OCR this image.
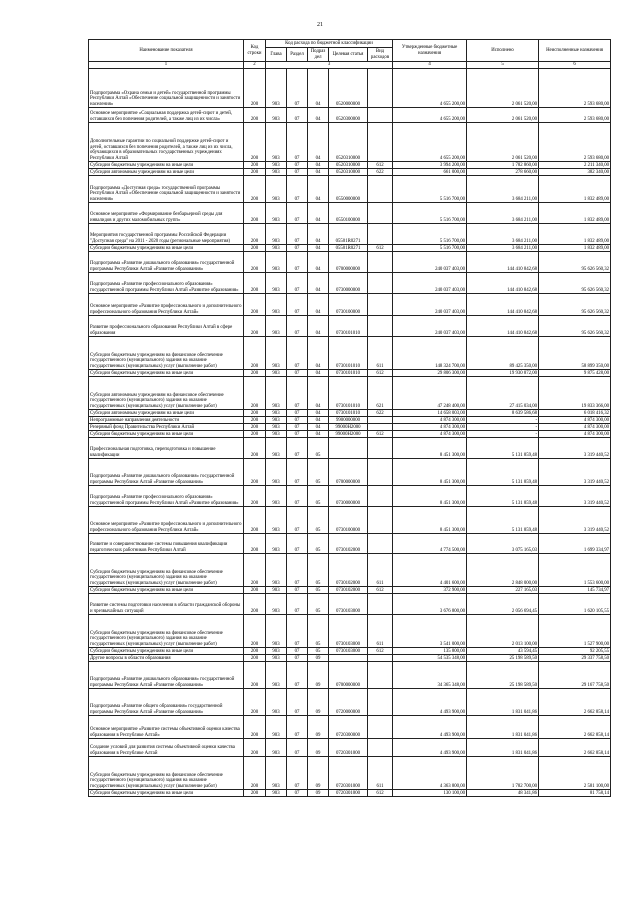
21
Наименование показателя	Код строки	Код расхода по бюджетной классификации					Утвержденные бюджетные назначения	Исполнено	Неисполненные назначения
		Глава	Раздел	Подраз дел	Целевая статья	Вид расходов			
1	2	3					4	5	6
Подпрограмма «Охрана семьи и детей» государственной программы Республики Алтай «Обеспечение социальной защищенности и занятости населения»	200	903	07	04	0520000000		4 655 200,00	2 061 520,00	2 593 680,00
Основное мероприятие «Социальная поддержка детей-сирот и детей, оставшихся без попечения родителей, а также лиц из их числа»	200	903	07	04	0520300000		4 655 200,00	2 061 520,00	2 593 680,00
Дополнительные гарантии по социальной поддержке детей-сирот и детей, оставшихся без попечения родителей, а также лиц из их числа, обучающихся в образовательных государственных учреждениях Республики Алтай	200	903	07	04	0520310000		4 655 200,00	2 061 520,00	2 593 680,00
Субсидии бюджетным учреждениям на иные цели	200	903	07	04	0520310000	612	3 994 200,00	1 782 860,00	2 211 340,00
Субсидии автономным учреждениям на иные цели	200	903	07	04	0520310000	622	661 000,00	278 660,00	382 340,00
Подпрограмма «Доступная среда» государственной программы Республики Алтай «Обеспечение социальной защищенности и занятости населения»	200	903	07	04	0550000000		5 516 700,00	3 684 211,00	1 832 489,00
Основное мероприятие «Формирование безбарьерной среды для инвалидов и других маломобильных групп»	200	903	07	04	0550100000		5 516 700,00	3 684 211,00	1 832 489,00
Мероприятия государственной программы Российской Федерации "Доступная среда" на 2011 - 2020 годы (региональные мероприятия)	200	903	07	04	05501R0271		5 516 700,00	3 684 211,00	1 832 489,00
Субсидии бюджетным учреждениям на иные цели	200	903	07	04	05501R0271	612	5 516 700,00	3 684 211,00	1 832 489,00
Подпрограмма «Развитие дошкольного образования» государственной программы Республики Алтай «Развитие образования»	200	903	07	04	0700000000		240 037 403,00	144 410 842,68	95 626 560,32
Подпрограмма «Развитие профессионального образования» государственной программы Республики Алтай «Развитие образования»	200	903	07	04	0730000000		240 037 403,00	144 410 842,68	95 626 560,32
Основное мероприятие «Развитие профессионального и дополнительного профессионального образования Республики Алтай»	200	903	07	04	0730100000		240 037 403,00	144 410 842,68	95 626 560,32
Развитие профессионального образования Республики Алтай в сфере образования	200	903	07	04	0730101010		240 037 403,00	144 410 842,68	95 626 560,32
Субсидии бюджетным учреждениям на финансовое обеспечение государственного (муниципального) задания на оказание государственных (муниципальных) услуг (выполнение работ)	200	903	07	04	0730101010	611	148 324 700,00	89 425 350,00	58 899 350,00
Субсидии бюджетным учреждениям на иные цели	200	903	07	04	0730101010	612	29 806 300,00	19 930 872,00	9 875 428,00
Субсидии автономным учреждениям на финансовое обеспечение государственного (муниципального) задания на оказание государственных (муниципальных) услуг (выполнение работ)	200	903	07	04	0730101010	621	47 248 400,00	27 415 034,00	19 833 366,00
Субсидии автономным учреждениям на иные цели	200	903	07	04	0730101010	622	14 658 003,00	8 639 586,68	6 018 416,32
Непрограммные направления деятельности	200	903	07	04	9900000000		4 874 300,00	-	4 874 300,00
Резервный фонд Правительства Республики Алтай	200	903	07	04	99000Н2000		4 874 300,00	-	4 874 300,00
Субсидии бюджетным учреждениям на иные цели	200	903	07	04	99000Н2000	612	4 874 300,00	-	4 874 300,00
Профессиональная подготовка, переподготовка и повышение квалификации	200	903	07	05			8 451 300,00	5 131 859,48	3 319 440,52
Подпрограмма «Развитие дошкольного образования» государственной программы Республики Алтай «Развитие образования»	200	903	07	05	0700000000		8 451 300,00	5 131 859,48	3 319 440,52
Подпрограмма «Развитие профессионального образования» государственной программы Республики Алтай «Развитие образования»	200	903	07	05	0730000000		8 451 300,00	5 131 859,48	3 319 440,52
Основное мероприятие «Развитие профессионального и дополнительного профессионального образования Республики Алтай»	200	903	07	05	0730100000		8 451 300,00	5 131 859,48	3 319 440,52
Развитие и совершенствование системы повышения квалификации педагогических работников Республики Алтай	200	903	07	05	0730102000		4 774 500,00	3 075 165,03	1 699 334,97
Субсидии бюджетным учреждениям на финансовое обеспечение государственного (муниципального) задания на оказание государственных (муниципальных) услуг (выполнение работ)	200	903	07	05	0730102000	611	4 401 600,00	2 848 000,00	1 553 600,00
Субсидии бюджетным учреждениям на иные цели	200	903	07	05	0730102000	612	372 900,00	227 165,03	145 734,97
Развитие системы подготовки населения в области гражданской обороны и чрезвычайных ситуаций	200	903	07	05	0730103000		3 676 800,00	2 056 694,45	1 620 105,55
Субсидии бюджетным учреждениям на финансовое обеспечение государственного (муниципального) задания на оказание государственных (муниципальных) услуг (выполнение работ)	200	903	07	05	0730103000	611	3 541 000,00	2 013 100,00	1 527 900,00
Субсидии бюджетным учреждениям на иные цели	200	903	07	05	0730103000	612	135 800,00	43 594,45	92 205,55
Другие вопросы в области образования	200	903	07	09			54 535 348,00	25 198 589,50	29 337 758,50
Подпрограмма «Развитие дошкольного образования» государственной программы Республики Алтай «Развитие образования»	200	903	07	09	0700000000		34 365 348,00	25 198 589,50	29 167 758,50
Подпрограмма «Развитие общего образования» государственной программы Республики Алтай «Развитие образования»	200	903	07	09	0720000000		4 493 900,00	1 831 041,86	2 662 858,14
Основное мероприятие «Развитие системы объективной оценки качества образования в Республике Алтай»	200	903	07	09	0720300000		4 493 900,00	1 831 041,86	2 662 858,14
Создание условий для развития системы объективной оценки качества образования в Республике Алтай	200	903	07	09	0720301000		4 493 900,00	1 831 041,86	2 662 858,14
Субсидии бюджетным учреждениям на финансовое обеспечение государственного (муниципального) задания на оказание государственных (муниципальных) услуг (выполнение работ)	200	903	07	09	0720301000	611	4 363 800,00	1 782 700,00	2 581 100,00
Субсидии бюджетным учреждениям на иные цели	200	903	07	09	0720301000	612	130 100,00	48 341,86	81 758,14
